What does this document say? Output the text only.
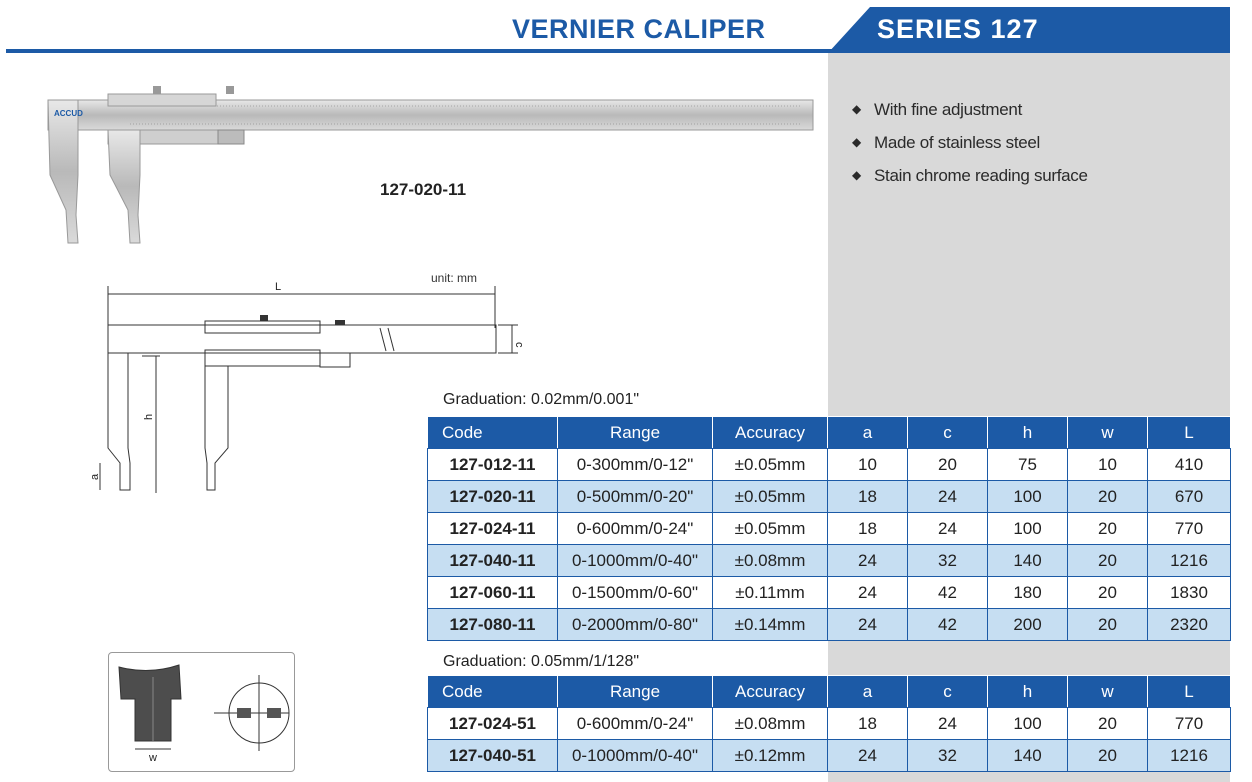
VERNIER CALIPER	SERIES 127
◆ With fine adjustment
◆ Made of stainless steel
◆ Stain chrome reading surface
ACCUD
127-020-11
unit: mm
L
c
h
a
w
Graduation: 0.02mm/0.001"
Code	Range	Accuracy	a	c	h	w	L
127-012-11	0-300mm/0-12"	±0.05mm	10	20	75	10	410
127-020-11	0-500mm/0-20"	±0.05mm	18	24	100	20	670
127-024-11	0-600mm/0-24"	±0.05mm	18	24	100	20	770
127-040-11	0-1000mm/0-40"	±0.08mm	24	32	140	20	1216
127-060-11	0-1500mm/0-60"	±0.11mm	24	42	180	20	1830
127-080-11	0-2000mm/0-80"	±0.14mm	24	42	200	20	2320
Graduation: 0.05mm/1/128"
Code	Range	Accuracy	a	c	h	w	L
127-024-51	0-600mm/0-24"	±0.08mm	18	24	100	20	770
127-040-51	0-1000mm/0-40"	±0.12mm	24	32	140	20	1216
